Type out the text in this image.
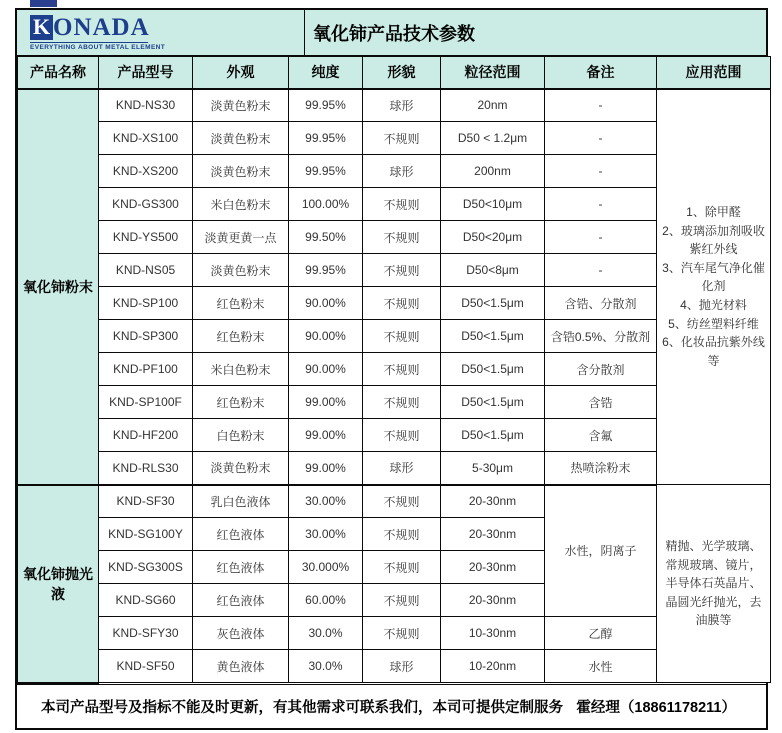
K ONADA
EVERYTHING ABOUT METAL ELEMENT
氧化铈产品技术参数
产品名称	产品型号	外观	纯度	形貌	粒径范围	备注	应用范围
氧化铈粉末	KND-NS30	淡黄色粉末	99.95%	球形	20nm	-	
1、除甲醛
2、玻璃添加剂吸收紫红外线
3、汽车尾气净化催化剂
4、抛光材料
5、纺丝塑料纤维
6、化妆品抗紫外线等

	KND-XS100	淡黄色粉末	99.95%	不规则	D50 < 1.2μm	-	
	KND-XS200	淡黄色粉末	99.95%	球形	200nm	-	
	KND-GS300	米白色粉末	100.00%	不规则	D50<10μm	-	
	KND-YS500	淡黄更黄一点	99.50%	不规则	D50<20μm	-	
	KND-NS05	淡黄色粉末	99.95%	不规则	D50<8μm	-	
	KND-SP100	红色粉末	90.00%	不规则	D50<1.5μm	含锆、分散剂	
	KND-SP300	红色粉末	90.00%	不规则	D50<1.5μm	含锆0.5%、分散剂	
	KND-PF100	米白色粉末	90.00%	不规则	D50<1.5μm	含分散剂	
	KND-SP100F	红色粉末	99.00%	不规则	D50<1.5μm	含锆	
	KND-HF200	白色粉末	99.00%	不规则	D50<1.5μm	含氟	
	KND-RLS30	淡黄色粉末	99.00%	球形	5-30μm	热喷涂粉末	
氧化铈抛光液	KND-SF30	乳白色液体	30.00%	不规则	20-30nm	水性，阴离子	精抛、光学玻璃、常规玻璃、镜片，半导体石英晶片、晶圆光纤抛光，去油膜等

	KND-SG100Y	红色液体	30.00%	不规则	20-30nm		
	KND-SG300S	红色液体	30.000%	不规则	20-30nm		
	KND-SG60	红色液体	60.00%	不规则	20-30nm		
	KND-SFY30	灰色液体	30.0%	不规则	10-30nm	乙醇	
	KND-SF50	黄色液体	30.0%	球形	10-20nm	水性	
本司产品型号及指标不能及时更新，有其他需求可联系我们，本司可提供定制服务 霍经理（18861178211）
